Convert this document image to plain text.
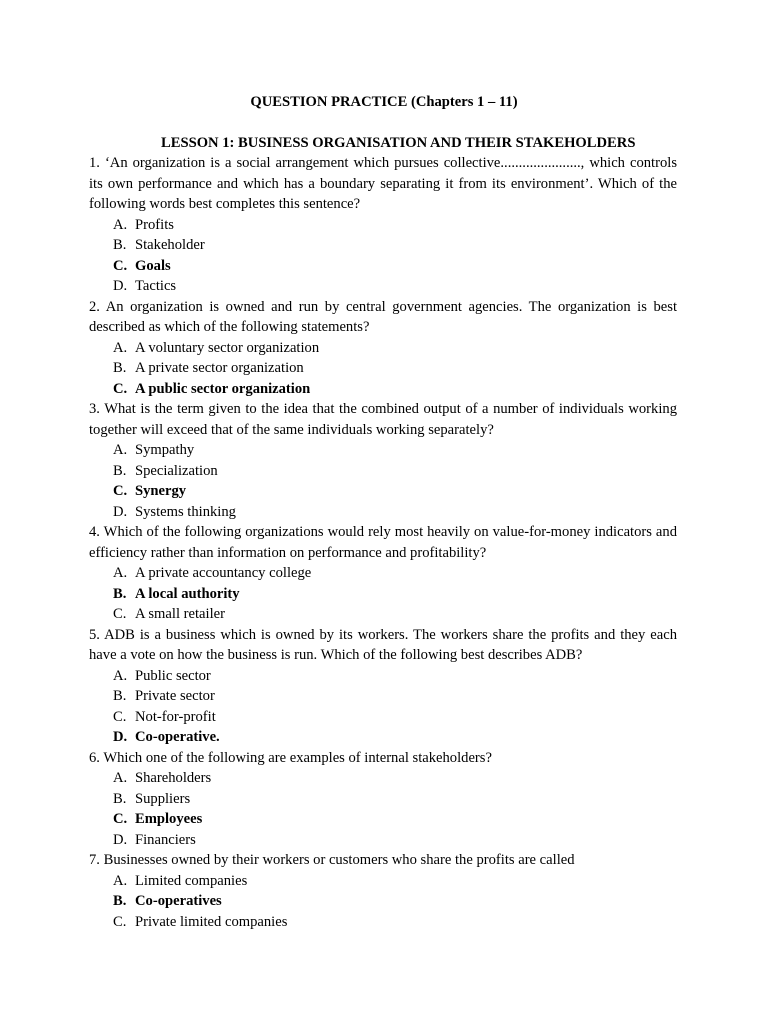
QUESTION PRACTICE (Chapters 1 – 11)

LESSON 1: BUSINESS ORGANISATION AND THEIR STAKEHOLDERS

1. ‘An organization is a social arrangement which pursues collective......................, which controls its own performance and which has a boundary separating it from its environment’. Which of the following words best completes this sentence?

A. Profits
B. Stakeholder
C. Goals
D. Tactics

2. An organization is owned and run by central government agencies. The organization is best described as which of the following statements?

A. A voluntary sector organization
B. A private sector organization
C. A public sector organization

3. What is the term given to the idea that the combined output of a number of individuals working together will exceed that of the same individuals working separately?

A. Sympathy
B. Specialization
C. Synergy
D. Systems thinking

4. Which of the following organizations would rely most heavily on value-for-money indicators and efficiency rather than information on performance and profitability?

A. A private accountancy college
B. A local authority
C. A small retailer

5. ADB is a business which is owned by its workers. The workers share the profits and they each have a vote on how the business is run. Which of the following best describes ADB?

A. Public sector
B. Private sector
C. Not-for-profit
D. Co-operative.

6. Which one of the following are examples of internal stakeholders?

A. Shareholders
B. Suppliers
C. Employees
D. Financiers

7. Businesses owned by their workers or customers who share the profits are called

A. Limited companies
B. Co-operatives
C. Private limited companies
